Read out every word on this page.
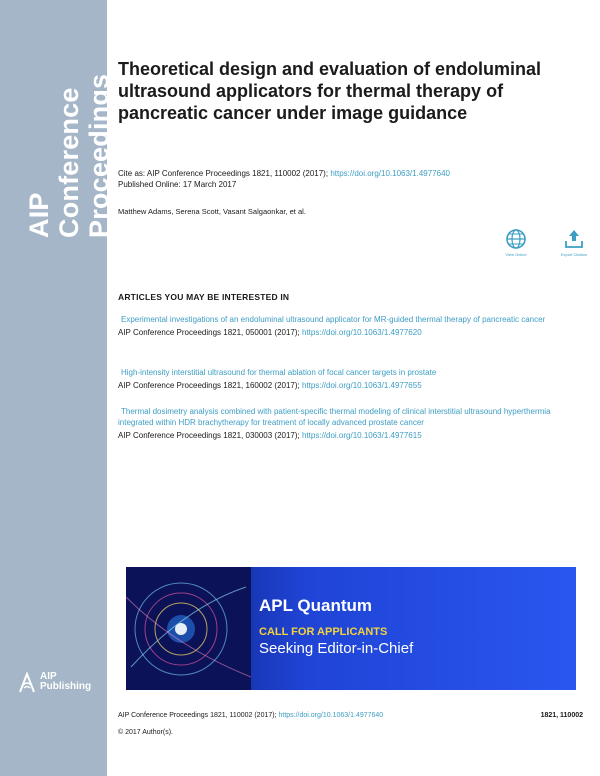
AIP Conference Proceedings
AIP
Publishing
Theoretical design and evaluation of endoluminal ultrasound applicators for thermal therapy of pancreatic cancer under image guidance
Cite as: AIP Conference Proceedings 1821, 110002 (2017); https://doi.org/10.1063/1.4977640
Published Online: 17 March 2017
Matthew Adams, Serena Scott, Vasant Salgaonkar, et al.
View Online	Export Citation
ARTICLES YOU MAY BE INTERESTED IN
Experimental investigations of an endoluminal ultrasound applicator for MR-guided thermal therapy of pancreatic cancer
AIP Conference Proceedings 1821, 050001 (2017); https://doi.org/10.1063/1.4977620
High-intensity interstitial ultrasound for thermal ablation of focal cancer targets in prostate
AIP Conference Proceedings 1821, 160002 (2017); https://doi.org/10.1063/1.4977655
Thermal dosimetry analysis combined with patient-specific thermal modeling of clinical interstitial ultrasound hyperthermia integrated within HDR brachytherapy for treatment of locally advanced prostate cancer
AIP Conference Proceedings 1821, 030003 (2017); https://doi.org/10.1063/1.4977615
APL Quantum
CALL FOR APPLICANTS
Seeking Editor-in-Chief
AIP Conference Proceedings 1821, 110002 (2017); https://doi.org/10.1063/1.4977640	1821, 110002
© 2017 Author(s).
